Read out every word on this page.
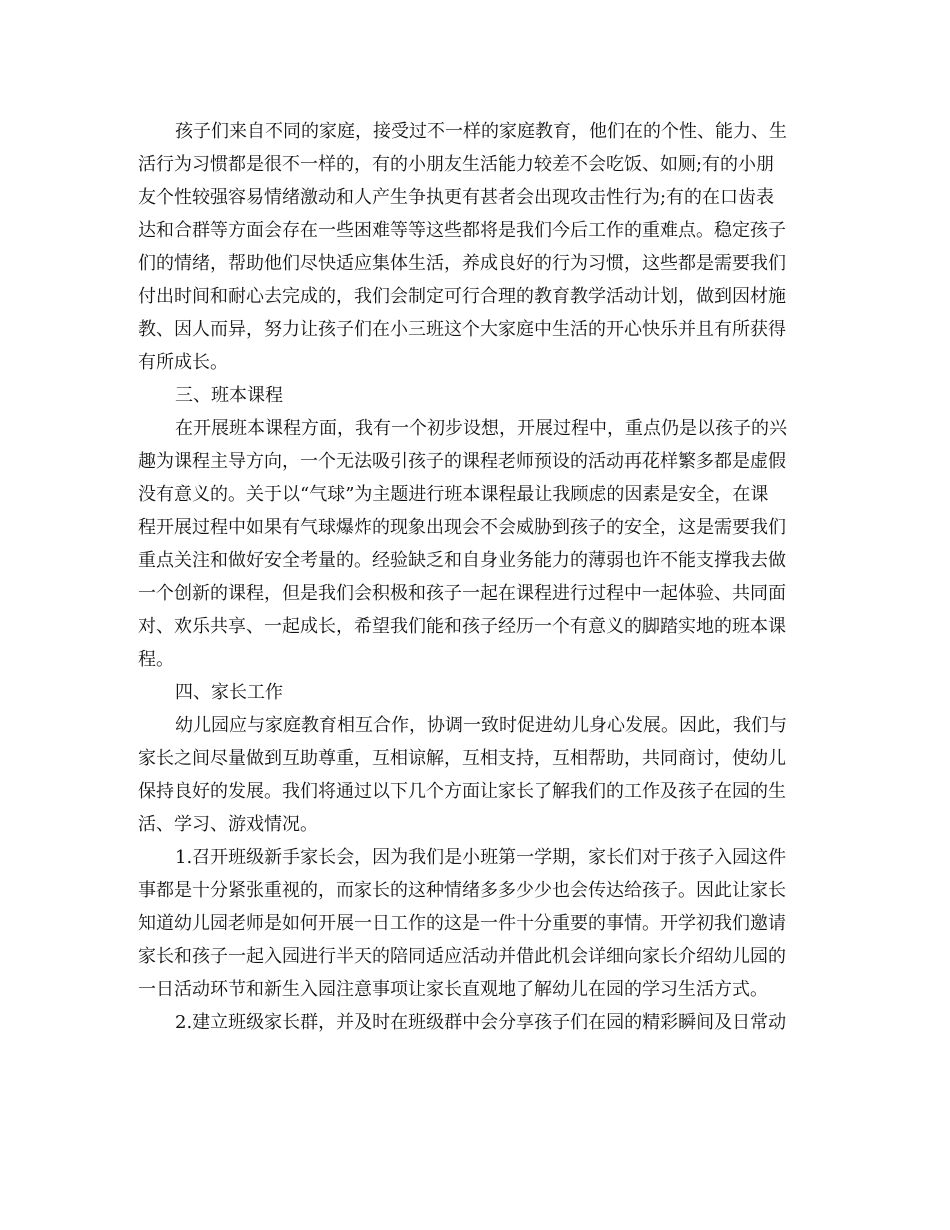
孩子们来自不同的家庭，接受过不一样的家庭教育，他们在的个性、能力、生
活行为习惯都是很不一样的，有的小朋友生活能力较差不会吃饭、如厕;有的小朋
友个性较强容易情绪激动和人产生争执更有甚者会出现攻击性行为;有的在口齿表
达和合群等方面会存在一些困难等等这些都将是我们今后工作的重难点。稳定孩子
们的情绪，帮助他们尽快适应集体生活，养成良好的行为习惯，这些都是需要我们
付出时间和耐心去完成的，我们会制定可行合理的教育教学活动计划，做到因材施
教、因人而异，努力让孩子们在小三班这个大家庭中生活的开心快乐并且有所获得
有所成长。

三、班本课程

在开展班本课程方面，我有一个初步设想，开展过程中，重点仍是以孩子的兴
趣为课程主导方向，一个无法吸引孩子的课程老师预设的活动再花样繁多都是虚假
没有意义的。关于以“气球”为主题进行班本课程最让我顾虑的因素是安全，在课
程开展过程中如果有气球爆炸的现象出现会不会威胁到孩子的安全，这是需要我们
重点关注和做好安全考量的。经验缺乏和自身业务能力的薄弱也许不能支撑我去做
一个创新的课程，但是我们会积极和孩子一起在课程进行过程中一起体验、共同面
对、欢乐共享、一起成长，希望我们能和孩子经历一个有意义的脚踏实地的班本课
程。

四、家长工作

幼儿园应与家庭教育相互合作，协调一致时促进幼儿身心发展。因此，我们与
家长之间尽量做到互助尊重，互相谅解，互相支持，互相帮助，共同商讨，使幼儿
保持良好的发展。我们将通过以下几个方面让家长了解我们的工作及孩子在园的生
活、学习、游戏情况。

1.召开班级新手家长会，因为我们是小班第一学期，家长们对于孩子入园这件
事都是十分紧张重视的，而家长的这种情绪多多少少也会传达给孩子。因此让家长
知道幼儿园老师是如何开展一日工作的这是一件十分重要的事情。开学初我们邀请
家长和孩子一起入园进行半天的陪同适应活动并借此机会详细向家长介绍幼儿园的
一日活动环节和新生入园注意事项让家长直观地了解幼儿在园的学习生活方式。

2.建立班级家长群，并及时在班级群中会分享孩子们在园的精彩瞬间及日常动
